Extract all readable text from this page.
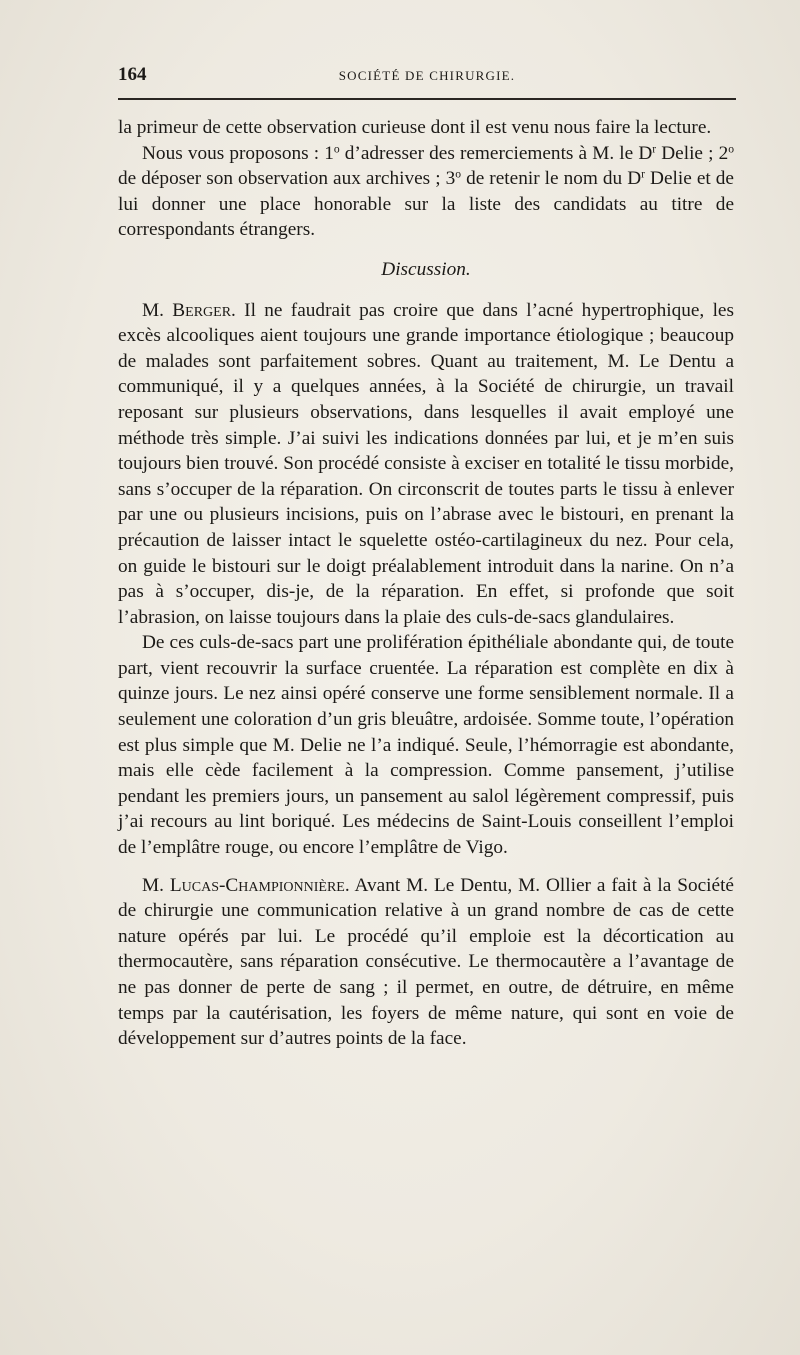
164	SOCIÉTÉ DE CHIRURGIE.

la primeur de cette observation curieuse dont il est venu nous faire la lecture.

Nous vous proposons : 1$^o$ d’adresser des remerciements à M. le $D^r$ Delie ; 2$^o$ de déposer son observation aux archives ; 3$^o$ de retenir le nom du $D^r$ Delie et de lui donner une place honorable sur la liste des candidats au titre de correspondants étrangers.

Discussion.

M. Berger. Il ne faudrait pas croire que dans l’acné hypertrophique, les excès alcooliques aient toujours une grande importance étiologique ; beaucoup de malades sont parfaitement sobres. Quant au traitement, M. Le Dentu a communiqué, il y a quelques années, à la Société de chirurgie, un travail reposant sur plusieurs observations, dans lesquelles il avait employé une méthode très simple. J’ai suivi les indications données par lui, et je m’en suis toujours bien trouvé. Son procédé consiste à exciser en totalité le tissu morbide, sans s’occuper de la réparation. On circonscrit de toutes parts le tissu à enlever par une ou plusieurs incisions, puis on l’abrase avec le bistouri, en prenant la précaution de laisser intact le squelette ostéo-cartilagineux du nez. Pour cela, on guide le bistouri sur le doigt préalablement introduit dans la narine. On n’a pas à s’occuper, dis-je, de la réparation. En effet, si profonde que soit l’abrasion, on laisse toujours dans la plaie des culs-de-sacs glandulaires.

De ces culs-de-sacs part une prolifération épithéliale abondante qui, de toute part, vient recouvrir la surface cruentée. La réparation est complète en dix à quinze jours. Le nez ainsi opéré conserve une forme sensiblement normale. Il a seulement une coloration d’un gris bleuâtre, ardoisée. Somme toute, l’opération est plus simple que M. Delie ne l’a indiqué. Seule, l’hémorragie est abondante, mais elle cède facilement à la compression. Comme pansement, j’utilise pendant les premiers jours, un pansement au salol légèrement compressif, puis j’ai recours au lint boriqué. Les médecins de Saint-Louis conseillent l’emploi de l’emplâtre rouge, ou encore l’emplâtre de Vigo.

M. Lucas-Championnière. Avant M. Le Dentu, M. Ollier a fait à la Société de chirurgie une communication relative à un grand nombre de cas de cette nature opérés par lui. Le procédé qu’il emploie est la décortication au thermocautère, sans réparation consécutive. Le thermocautère a l’avantage de ne pas donner de perte de sang ; il permet, en outre, de détruire, en même temps par la cautérisation, les foyers de même nature, qui sont en voie de développement sur d’autres points de la face.
